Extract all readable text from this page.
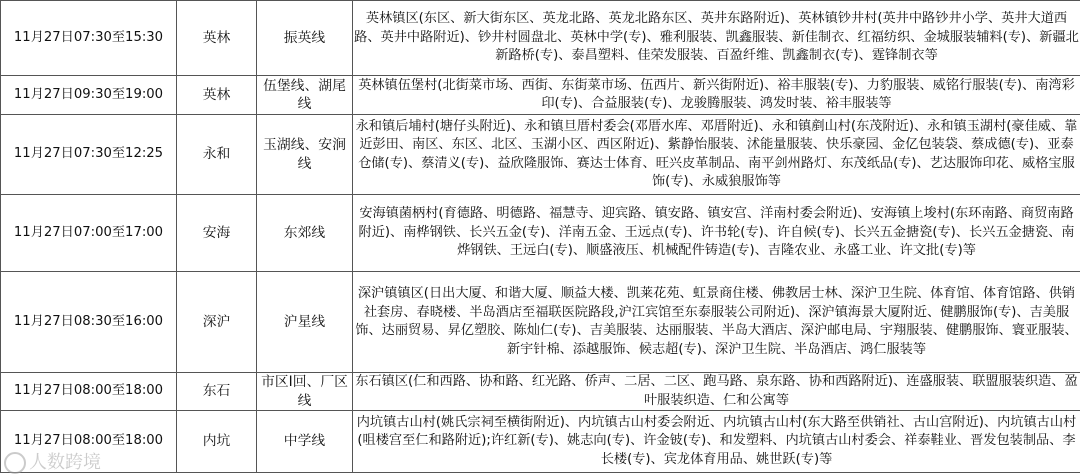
11月27日07:30至15:30	英林	振英线	英林镇区(东区、新大街东区、英龙北路、英龙北路东区、英井东路附近)、英林镇钞井村(英井中路钞井小学、英井大道西路、英井中路附近)、钞井村圆盘北、英林中学(专)、雅利服装、凯鑫服装、新佳制衣、红福纺织、金城服装辅料(专)、新疆北新路桥(专)、泰昌塑料、佳荣发服装、百盈纤维、凯鑫制衣(专)、霆锋制衣等
11月27日09:30至19:00	英林	伍堡线、湖尾线	英林镇伍堡村(北街菜市场、西街、东街菜市场、伍西片、新兴街附近)、裕丰服装(专)、力豹服装、威铭行服装(专)、南湾彩印(专)、合益服装(专)、龙骏腾服装、鸿发时装、裕丰服装等
11月27日07:30至12:25	永和	玉湖线、安涧线	永和镇后埔村(塘仔头附近)、永和镇旦厝村委会(邓厝水库、邓厝附近)、永和镇剷山村(东茂附近)、永和镇玉湖村(豪佳威、靠近彭田、南区、东区、北区、玉湖小区、西区附近)、紫静怡服装、沭能量服装、快乐豪园、金亿包装袋、蔡成德(专)、亚泰仓储(专)、蔡清义(专)、益欣隆服饰、赛达士体育、旺兴皮革制品、南平剑州路灯、东茂纸品(专)、艺达服饰印花、威格宝服饰(专)、永威狼服饰等
11月27日07:00至17:00	安海	东郊线	安海镇菌柄村(育德路、明德路、福慧寺、迎宾路、镇安路、镇安宫、洋南村委会附近)、安海镇上埈村(东环南路、商贸南路附近)、南桦钢铁、长兴五金(专)、洋南五金、王远点(专)、许书轮(专)、许自候(专)、长兴五金搪瓷(专)、长兴五金搪瓷、南烨钢铁、王远白(专)、顺盛液压、机械配件铸造(专)、吉隆农业、永盛工业、许文批(专)等
11月27日08:30至16:00	深沪	沪星线	深沪镇镇区(日出大厦、和谐大厦、顺益大楼、凯莱花苑、虹景商住楼、佛教居士林、深沪卫生院、体育馆、体育馆路、供销社套房、春晓楼、半岛酒店至福联医院路段,沪江宾馆至东泰服装公司附近)、深沪镇海景大厦附近、健鹏服饰(专)、吉美服饰、达丽贸易、昇亿塑胶、陈灿仁(专)、吉美服装、达丽服装、半岛大酒店、深沪邮电局、宇翔服装、健鹏服饰、寰亚服装、新宇针棉、添越服饰、候志超(专)、深沪卫生院、半岛酒店、鸿仁服装等
11月27日08:00至18:00	东石	市区Ⅰ回、厂区线	东石镇区(仁和西路、协和路、红光路、侨声、二居、二区、跑马路、泉东路、协和西路附近)、连盛服装、联盟服装织造、盈叶服装织造、仁和公寓等
11月27日08:00至18:00	内坑	中学线	内坑镇古山村(姚氏宗祠至横街附近)、内坑镇古山村委会附近、内坑镇古山村(东大路至供销社、古山宫附近)、内坑镇古山村(咀楼宫至仁和路附近);许红新(专)、姚志向(专)、许金铍(专)、和发塑料、内坑镇古山村委会、祥泰鞋业、晋发包装制品、李长楼(专)、宾龙体育用品、姚世跃(专)等
人数跨境
